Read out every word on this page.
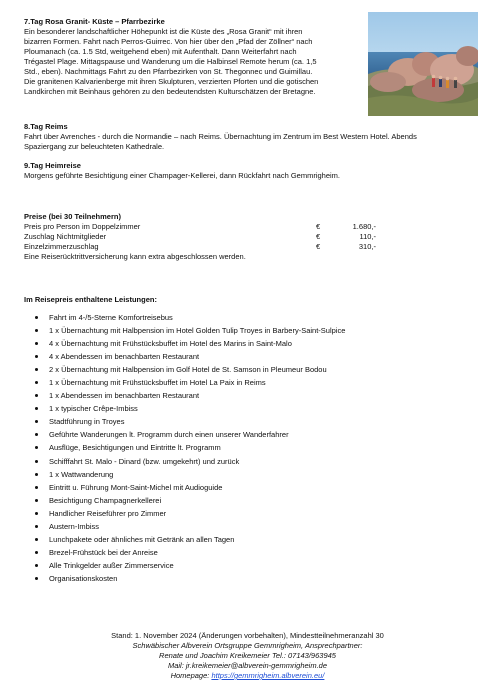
7.Tag Rosa Granit- Küste – Pfarrbezirke

Ein besonderer landschaftlicher Höhepunkt ist die Küste des „Rosa Granit“ mit ihren
bizarren Formen. Fahrt nach Perros-Guirrec. Von hier über den „Pfad der Zöllner“ nach
Ploumanach (ca. 1.5 Std, weitgehend eben) mit Aufenthalt. Dann Weiterfahrt nach
Trégastel Plage. Mittagspause und Wanderung um die Halbinsel Remote herum (ca. 1,5
Std., eben). Nachmittags Fahrt zu den Pfarrbezirken von St. Thegonnec und Guimillau.
Die granitenen Kalvarienberge mit ihren Skulpturen, verzierten Pforten und die gotischen
Landkirchen mit Beinhaus gehören zu den bedeutendsten Kulturschätzen der Bretagne.

8.Tag Reims

Fahrt über Avrenches - durch die Normandie – nach Reims. Übernachtung im Zentrum im Best Western Hotel. Abends
Spaziergang zur beleuchteten Kathedrale.

9.Tag Heimreise

Morgens geführte Besichtigung einer Champager-Kellerei, dann Rückfahrt nach Gemmrigheim.

Preise (bei 30 Teilnehmern)
Preis pro Person im Doppelzimmer	€	1.680,-
Zuschlag Nichtmitglieder	€	110,-
Einzelzimmerzuschlag	€	310,-
Eine Reiserücktrittversicherung kann extra abgeschlossen werden.
Im Reisepreis enthaltene Leistungen:
Fahrt im 4-/5-Sterne Komfortreisebus
1 x Übernachtung mit Halbpension im Hotel Golden Tulip Troyes in Barbery-Saint-Sulpice
4 x Übernachtung mit Frühstücksbuffet im Hotel des Marins in Saint-Malo
4 x Abendessen im benachbarten Restaurant
2 x Übernachtung mit Halbpension im Golf Hotel de St. Samson in Pleumeur Bodou
1 x Übernachtung mit Frühstücksbuffet im Hotel La Paix in Reims
1 x Abendessen im benachbarten Restaurant
1 x typischer Crêpe-Imbiss
Stadtführung in Troyes
Geführte Wanderungen lt. Programm durch einen unserer Wanderfahrer
Ausflüge, Besichtigungen und Eintritte lt. Programm
Schifffahrt St. Malo - Dinard (bzw. umgekehrt) und zurück
1 x Wattwanderung
Eintritt u. Führung Mont-Saint-Michel mit Audioguide
Besichtigung Champagnerkellerei
Handlicher Reiseführer pro Zimmer
Austern-Imbiss
Lunchpakete oder ähnliches mit Getränk an allen Tagen
Brezel-Frühstück bei der Anreise
Alle Trinkgelder außer Zimmerservice
Organisationskosten
Stand: 1. November 2024 (Änderungen vorbehalten), Mindestteilnehmeranzahl 30
Schwäbischer Albverein Ortsgruppe Gemmrigheim, Ansprechpartner:
Renate und Joachim Kreikemeier Tel.: 07143/963945
Mail: jr.kreikemeier@albverein-gemmrigheim.de
Homepage: https://gemmrigheim.albverein.eu/
